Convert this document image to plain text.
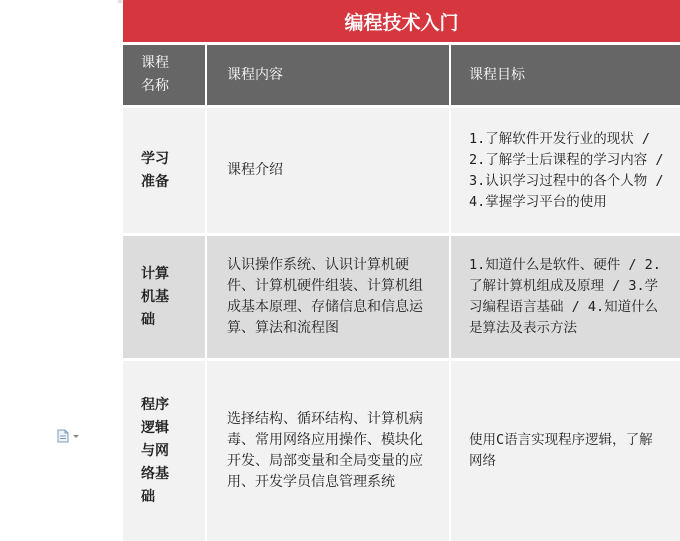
编程技术入门
课程名称
课程内容	课程目标
学习准备
课程介绍
1.了解软件开发行业的现状 / 2.了解学士后课程的学习内容 / 3.认识学习过程中的各个人物 / 4.掌握学习平台的使用
计算机基础
认识操作系统、认识计算机硬件、计算机硬件组装、计算机组成基本原理、存储信息和信息运算、算法和流程图
1.知道什么是软件、硬件 / 2.了解计算机组成及原理 / 3.学习编程语言基础 / 4.知道什么是算法及表示方法
程序逻辑与网络基础
选择结构、循环结构、计算机病毒、常用网络应用操作、模块化开发、局部变量和全局变量的应用、开发学员信息管理系统
使用C语言实现程序逻辑，了解网络
